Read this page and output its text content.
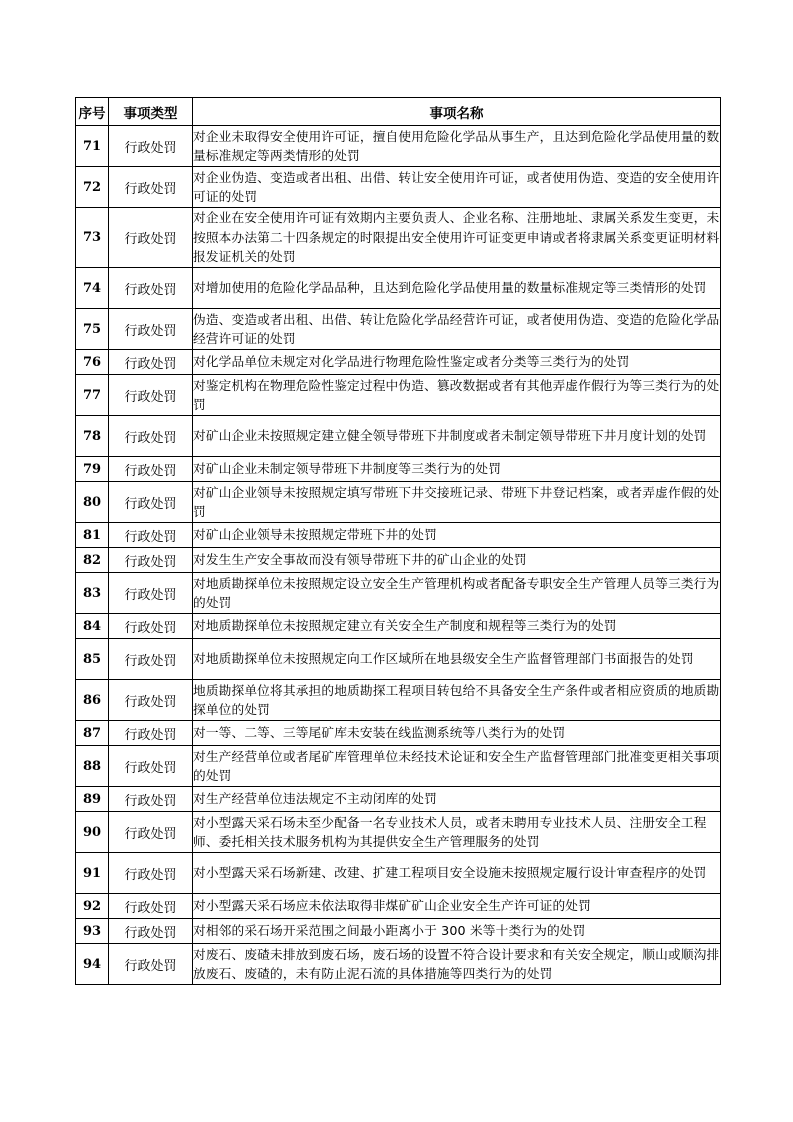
序号	事项类型	事项名称
71	行政处罚	对企业未取得安全使用许可证，擅自使用危险化学品从事生产，且达到危险化学品使用量的数量标准规定等两类情形的处罚
72	行政处罚	对企业伪造、变造或者出租、出借、转让安全使用许可证，或者使用伪造、变造的安全使用许可证的处罚
73	行政处罚	对企业在安全使用许可证有效期内主要负责人、企业名称、注册地址、隶属关系发生变更，未按照本办法第二十四条规定的时限提出安全使用许可证变更申请或者将隶属关系变更证明材料报发证机关的处罚
74	行政处罚	对增加使用的危险化学品品种，且达到危险化学品使用量的数量标准规定等三类情形的处罚
75	行政处罚	伪造、变造或者出租、出借、转让危险化学品经营许可证，或者使用伪造、变造的危险化学品经营许可证的处罚
76	行政处罚	对化学品单位未规定对化学品进行物理危险性鉴定或者分类等三类行为的处罚
77	行政处罚	对鉴定机构在物理危险性鉴定过程中伪造、篡改数据或者有其他弄虚作假行为等三类行为的处罚
78	行政处罚	对矿山企业未按照规定建立健全领导带班下井制度或者未制定领导带班下井月度计划的处罚
79	行政处罚	对矿山企业未制定领导带班下井制度等三类行为的处罚
80	行政处罚	对矿山企业领导未按照规定填写带班下井交接班记录、带班下井登记档案，或者弄虚作假的处罚
81	行政处罚	对矿山企业领导未按照规定带班下井的处罚
82	行政处罚	对发生生产安全事故而没有领导带班下井的矿山企业的处罚
83	行政处罚	对地质勘探单位未按照规定设立安全生产管理机构或者配备专职安全生产管理人员等三类行为的处罚
84	行政处罚	对地质勘探单位未按照规定建立有关安全生产制度和规程等三类行为的处罚
85	行政处罚	对地质勘探单位未按照规定向工作区域所在地县级安全生产监督管理部门书面报告的处罚
86	行政处罚	地质勘探单位将其承担的地质勘探工程项目转包给不具备安全生产条件或者相应资质的地质勘探单位的处罚
87	行政处罚	对一等、二等、三等尾矿库未安装在线监测系统等八类行为的处罚
88	行政处罚	对生产经营单位或者尾矿库管理单位未经技术论证和安全生产监督管理部门批准变更相关事项的处罚
89	行政处罚	对生产经营单位违法规定不主动闭库的处罚
90	行政处罚	对小型露天采石场未至少配备一名专业技术人员，或者未聘用专业技术人员、注册安全工程师、委托相关技术服务机构为其提供安全生产管理服务的处罚
91	行政处罚	对小型露天采石场新建、改建、扩建工程项目安全设施未按照规定履行设计审查程序的处罚
92	行政处罚	对小型露天采石场应未依法取得非煤矿矿山企业安全生产许可证的处罚
93	行政处罚	对相邻的采石场开采范围之间最小距离小于 300 米等十类行为的处罚
94	行政处罚	对废石、废碴未排放到废石场，废石场的设置不符合设计要求和有关安全规定，顺山或顺沟排放废石、废碴的，未有防止泥石流的具体措施等四类行为的处罚
